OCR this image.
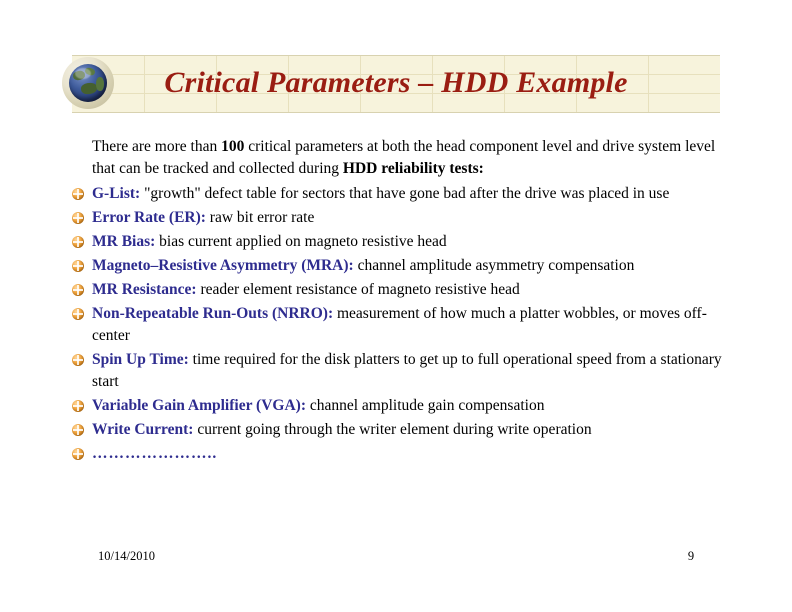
Critical Parameters – HDD Example

There are more than 100 critical parameters at both the head component level and drive system level that can be tracked and collected during HDD reliability tests:

G-List: "growth" defect table for sectors that have gone bad after the drive was placed in use
Error Rate (ER): raw bit error rate
MR Bias: bias current applied on magneto resistive head
Magneto–Resistive Asymmetry (MRA): channel amplitude asymmetry compensation
MR Resistance: reader element resistance of magneto resistive head
Non-Repeatable Run-Outs (NRRO): measurement of how much a platter wobbles, or moves off-center
Spin Up Time: time required for the disk platters to get up to full operational speed from a stationary start
Variable Gain Amplifier (VGA): channel amplitude gain compensation
Write Current: current going through the writer element during write operation
…………………..
10/14/2010	9
